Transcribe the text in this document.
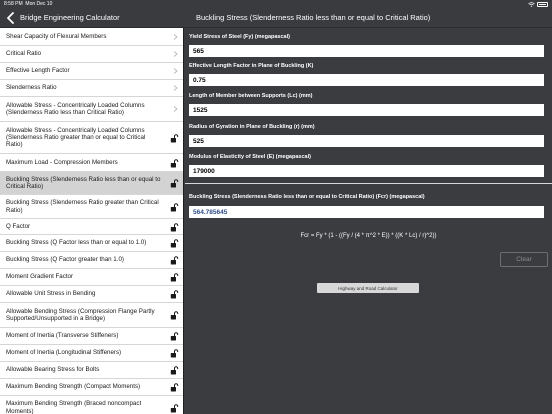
8:58 PM Mon Dec 10
Bridge Engineering Calculator	Buckling Stress (Slenderness Ratio less than or equal to Critical Ratio)
Shear Capacity of Flexural Members
Critical Ratio
Effective Length Factor
Slenderness Ratio
Allowable Stress - Concentrically Loaded Columns (Slenderness Ratio less than Critical Ratio)
Allowable Stress - Concentrically Loaded Columns (Slenderness Ratio greater than or equal to Critical Ratio)
Maximum Load - Compression Members
Buckling Stress (Slenderness Ratio less than or equal to Critical Ratio)
Buckling Stress (Slenderness Ratio greater than Critical Ratio)
Q Factor
Buckling Stress (Q Factor less than or equal to 1.0)
Buckling Stress (Q Factor greater than 1.0)
Moment Gradient Factor
Allowable Unit Stress in Bending
Allowable Bending Stress (Compression Flange Partly Supported/Unsupported in a Bridge)
Moment of Inertia (Transverse Stiffeners)
Moment of Inertia (Longitudinal Stiffeners)
Allowable Bearing Stress for Bolts
Maximum Bending Strength (Compact Moments)
Maximum Bending Strength (Braced noncompact Moments)
Yield Stress of Steel (Fy) (megapascal)
565
Effective Length Factor in Plane of Buckling (K)
0.75
Length of Member between Supports (Lc) (mm)
1525
Radius of Gyration in Plane of Buckling (r) (mm)
525
Modulus of Elasticity of Steel (E) (megapascal)
179000
Buckling Stress (Slenderness Ratio less than or equal to Critical Ratio) (Fcr) (megapascal)
564.785645
Fcr = Fy * (1 - ((Fy / (4 * π^2 * E)) * ((K * Lc) / r)^2))
Clear
Highway and Road Calculator
